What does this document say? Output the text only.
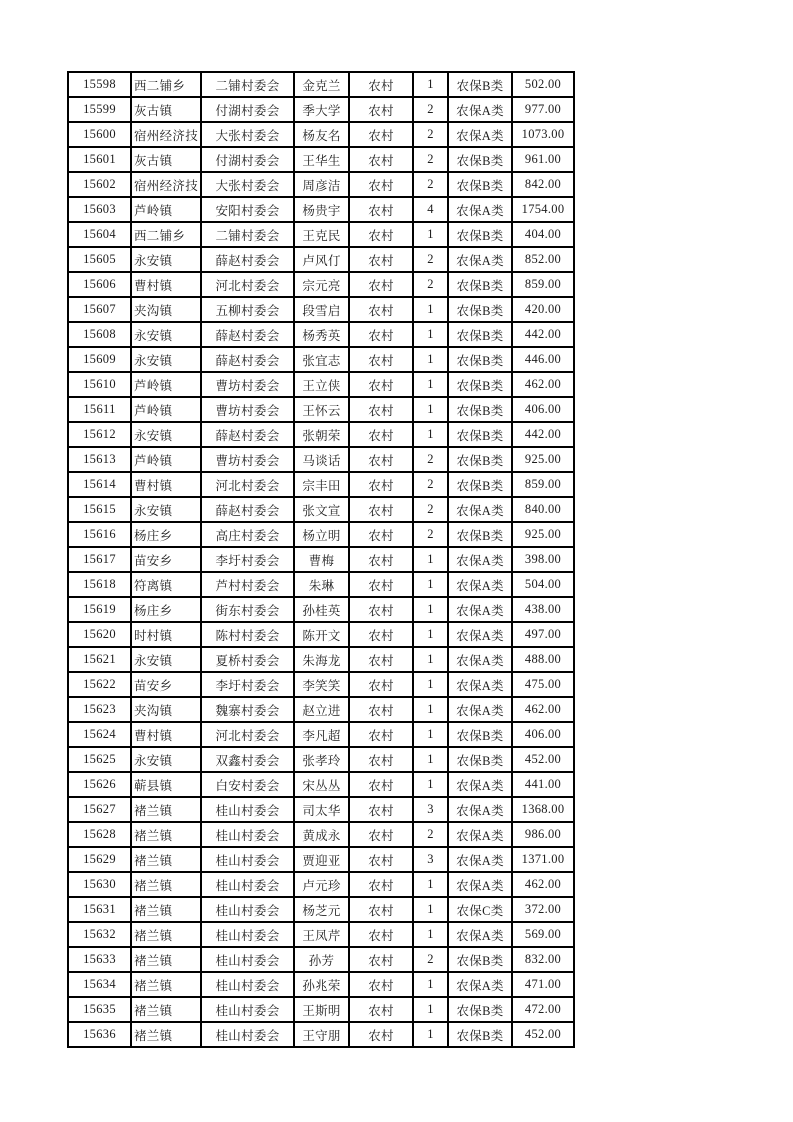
15598	西二铺乡	二铺村委会	金克兰	农村	1	农保B类	502.00
15599	灰古镇	付湖村委会	季大学	农村	2	农保A类	977.00
15600	宿州经济技	大张村委会	杨友名	农村	2	农保A类	1073.00
15601	灰古镇	付湖村委会	王华生	农村	2	农保B类	961.00
15602	宿州经济技	大张村委会	周彦洁	农村	2	农保B类	842.00
15603	芦岭镇	安阳村委会	杨贵宇	农村	4	农保A类	1754.00
15604	西二铺乡	二铺村委会	王克民	农村	1	农保B类	404.00
15605	永安镇	薛赵村委会	卢风仃	农村	2	农保A类	852.00
15606	曹村镇	河北村委会	宗元亮	农村	2	农保B类	859.00
15607	夹沟镇	五柳村委会	段雪启	农村	1	农保B类	420.00
15608	永安镇	薛赵村委会	杨秀英	农村	1	农保B类	442.00
15609	永安镇	薛赵村委会	张宜志	农村	1	农保B类	446.00
15610	芦岭镇	曹坊村委会	王立侠	农村	1	农保B类	462.00
15611	芦岭镇	曹坊村委会	王怀云	农村	1	农保B类	406.00
15612	永安镇	薛赵村委会	张朝荣	农村	1	农保B类	442.00
15613	芦岭镇	曹坊村委会	马谈话	农村	2	农保B类	925.00
15614	曹村镇	河北村委会	宗丰田	农村	2	农保B类	859.00
15615	永安镇	薛赵村委会	张文宣	农村	2	农保A类	840.00
15616	杨庄乡	高庄村委会	杨立明	农村	2	农保B类	925.00
15617	苗安乡	李圩村委会	曹梅	农村	1	农保A类	398.00
15618	符离镇	芦村村委会	朱琳	农村	1	农保A类	504.00
15619	杨庄乡	街东村委会	孙桂英	农村	1	农保A类	438.00
15620	时村镇	陈村村委会	陈开文	农村	1	农保A类	497.00
15621	永安镇	夏桥村委会	朱海龙	农村	1	农保A类	488.00
15622	苗安乡	李圩村委会	李笑笑	农村	1	农保A类	475.00
15623	夹沟镇	魏寨村委会	赵立进	农村	1	农保A类	462.00
15624	曹村镇	河北村委会	李凡超	农村	1	农保B类	406.00
15625	永安镇	双鑫村委会	张孝玲	农村	1	农保B类	452.00
15626	蕲县镇	白安村委会	宋丛丛	农村	1	农保A类	441.00
15627	褚兰镇	桂山村委会	司太华	农村	3	农保A类	1368.00
15628	褚兰镇	桂山村委会	黄成永	农村	2	农保A类	986.00
15629	褚兰镇	桂山村委会	贾迎亚	农村	3	农保A类	1371.00
15630	褚兰镇	桂山村委会	卢元珍	农村	1	农保A类	462.00
15631	褚兰镇	桂山村委会	杨芝元	农村	1	农保C类	372.00
15632	褚兰镇	桂山村委会	王凤芹	农村	1	农保A类	569.00
15633	褚兰镇	桂山村委会	孙芳	农村	2	农保B类	832.00
15634	褚兰镇	桂山村委会	孙兆荣	农村	1	农保A类	471.00
15635	褚兰镇	桂山村委会	王斯明	农村	1	农保B类	472.00
15636	褚兰镇	桂山村委会	王守朋	农村	1	农保B类	452.00
